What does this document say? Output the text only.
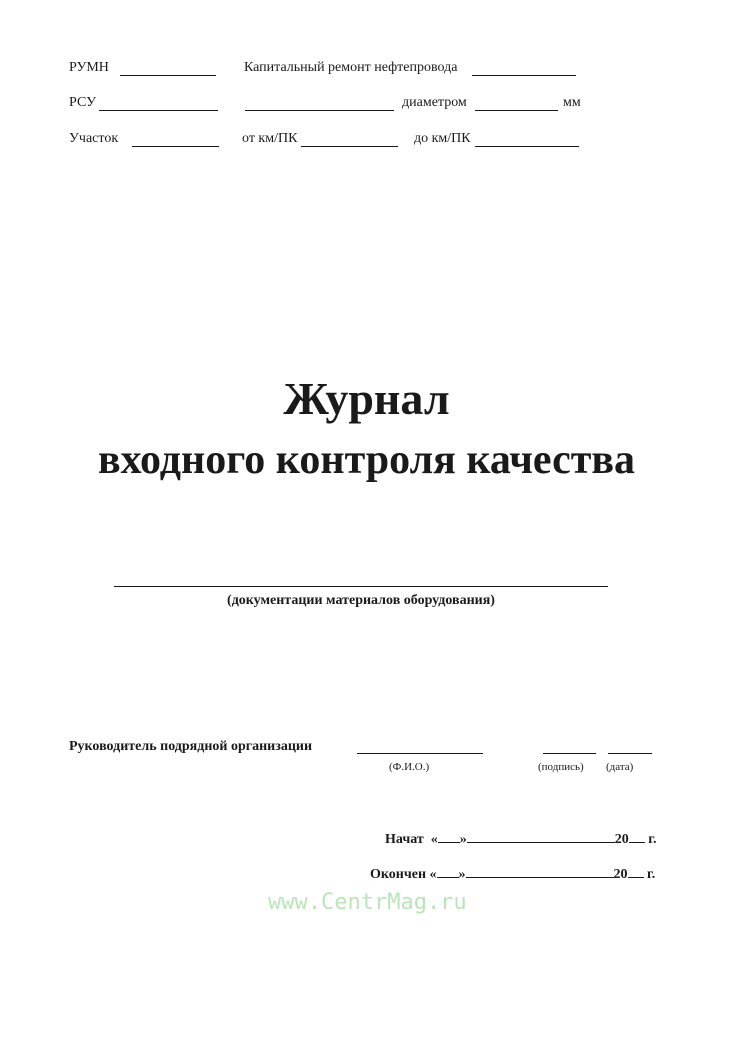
РУМН	Капитальный ремонт нефтепровода
РСУ	диаметром	мм
Участок	от км/ПК	до км/ПК
Журнал
входного контроля качества
(документации материалов оборудования)
Руководитель подрядной организации
(Ф.И.О.)	(подпись) (дата)
Начат « »	20 г.
Окончен « »	20 г.
www.CentrMag.ru
